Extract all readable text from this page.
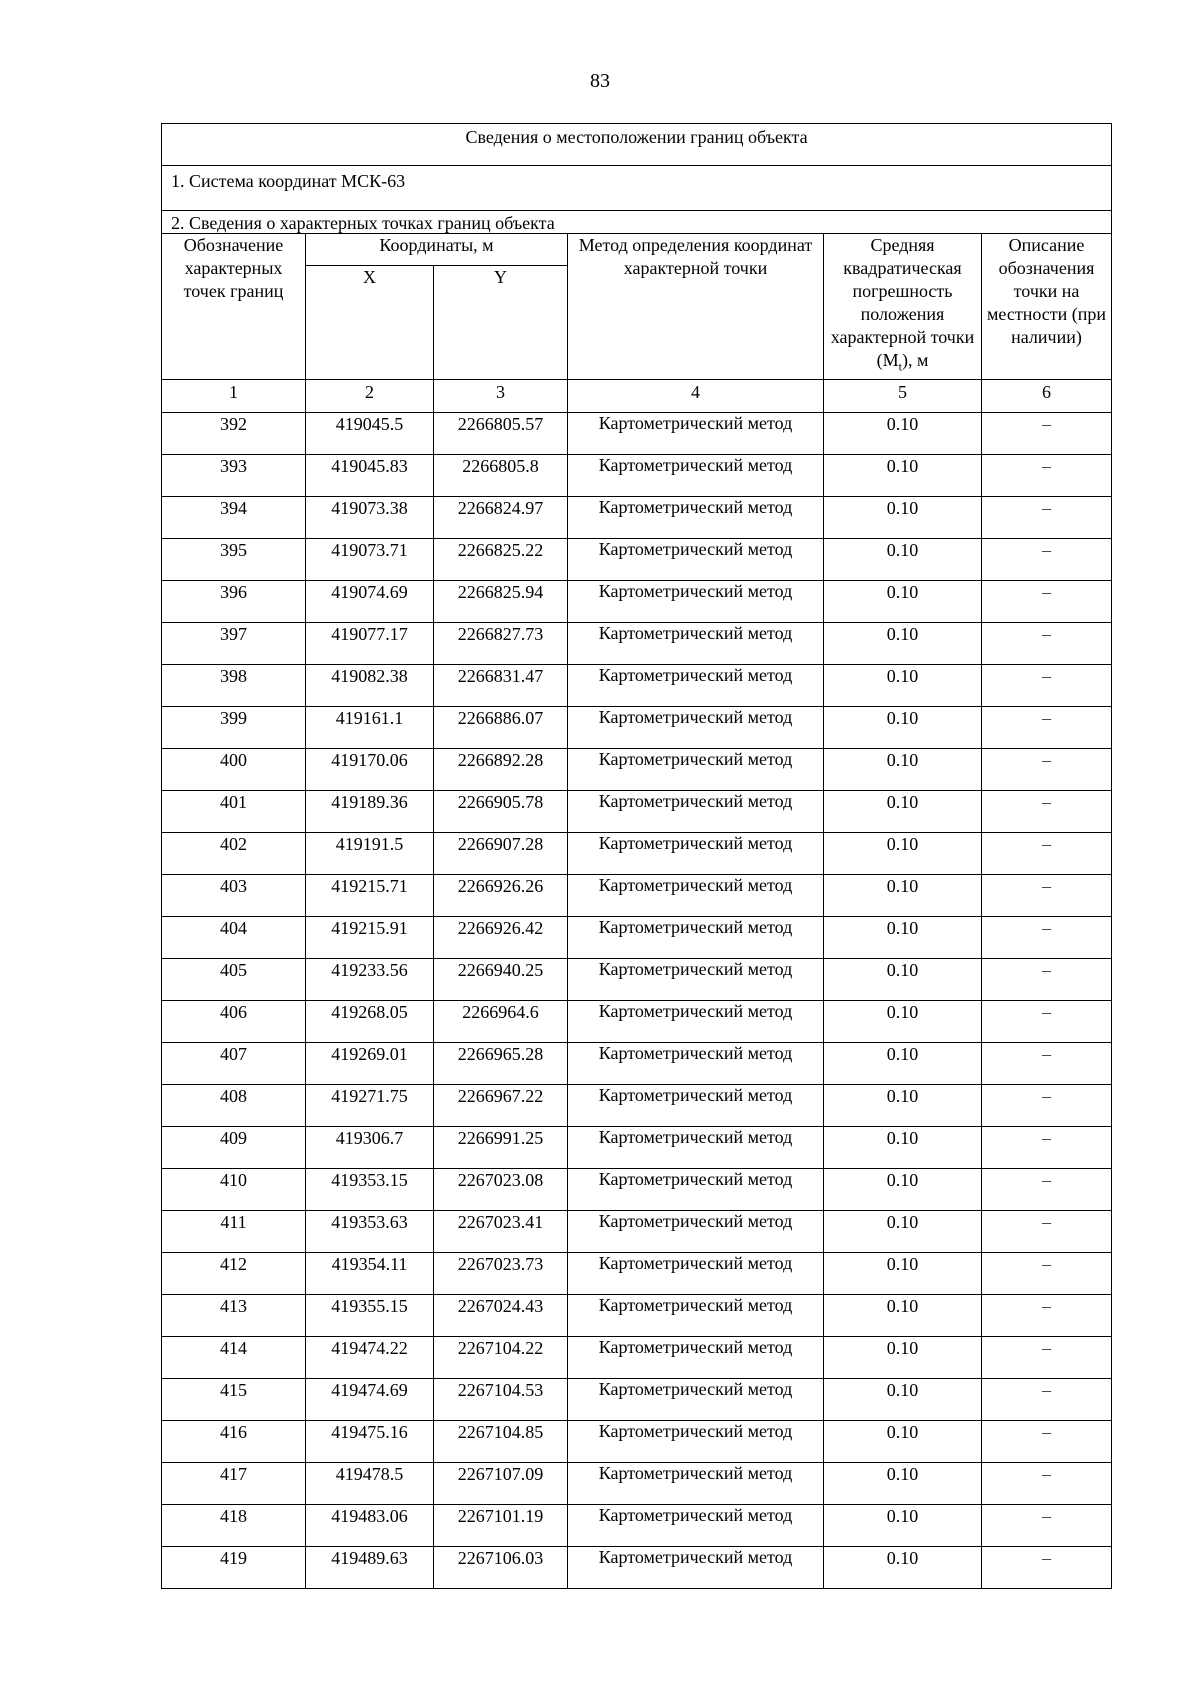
83
Сведения о местоположении границ объекта					
1. Система координат МСК-63					
2. Сведения о характерных точках границ объекта					
Обозначение характерных точек границ	Координаты, м		Метод определения координат характерной точки	Средняя квадратическая погрешность положения характерной точки $(M_t)$, м	Описание обозначения точки на местности (при наличии)
	X	Y			
1	2	3	4	5	6
392	419045.5	2266805.57	Картометрический метод	0.10	–
393	419045.83	2266805.8	Картометрический метод	0.10	–
394	419073.38	2266824.97	Картометрический метод	0.10	–
395	419073.71	2266825.22	Картометрический метод	0.10	–
396	419074.69	2266825.94	Картометрический метод	0.10	–
397	419077.17	2266827.73	Картометрический метод	0.10	–
398	419082.38	2266831.47	Картометрический метод	0.10	–
399	419161.1	2266886.07	Картометрический метод	0.10	–
400	419170.06	2266892.28	Картометрический метод	0.10	–
401	419189.36	2266905.78	Картометрический метод	0.10	–
402	419191.5	2266907.28	Картометрический метод	0.10	–
403	419215.71	2266926.26	Картометрический метод	0.10	–
404	419215.91	2266926.42	Картометрический метод	0.10	–
405	419233.56	2266940.25	Картометрический метод	0.10	–
406	419268.05	2266964.6	Картометрический метод	0.10	–
407	419269.01	2266965.28	Картометрический метод	0.10	–
408	419271.75	2266967.22	Картометрический метод	0.10	–
409	419306.7	2266991.25	Картометрический метод	0.10	–
410	419353.15	2267023.08	Картометрический метод	0.10	–
411	419353.63	2267023.41	Картометрический метод	0.10	–
412	419354.11	2267023.73	Картометрический метод	0.10	–
413	419355.15	2267024.43	Картометрический метод	0.10	–
414	419474.22	2267104.22	Картометрический метод	0.10	–
415	419474.69	2267104.53	Картометрический метод	0.10	–
416	419475.16	2267104.85	Картометрический метод	0.10	–
417	419478.5	2267107.09	Картометрический метод	0.10	–
418	419483.06	2267101.19	Картометрический метод	0.10	–
419	419489.63	2267106.03	Картометрический метод	0.10	–
